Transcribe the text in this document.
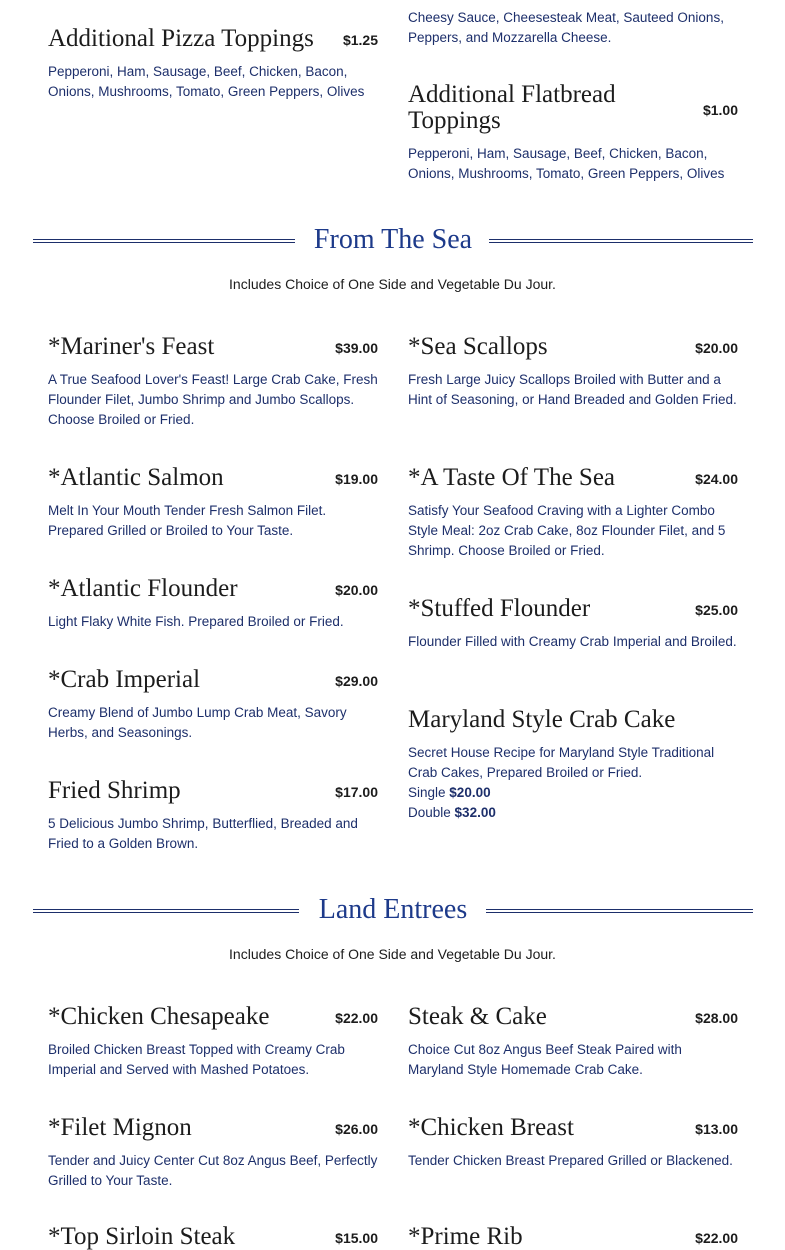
Additional Pizza Toppings $1.25
Pepperoni, Ham, Sausage, Beef, Chicken, Bacon, Onions, Mushrooms, Tomato, Green Peppers, Olives
Cheesy Sauce, Cheesesteak Meat, Sauteed Onions, Peppers, and Mozzarella Cheese.
Additional Flatbread Toppings	$1.00
Pepperoni, Ham, Sausage, Beef, Chicken, Bacon, Onions, Mushrooms, Tomato, Green Peppers, Olives
From The Sea
Includes Choice of One Side and Vegetable Du Jour.
*Mariner's Feast	$39.00
A True Seafood Lover's Feast! Large Crab Cake, Fresh Flounder Filet, Jumbo Shrimp and Jumbo Scallops. Choose Broiled or Fried.
*Sea Scallops	$20.00
Fresh Large Juicy Scallops Broiled with Butter and a Hint of Seasoning, or Hand Breaded and Golden Fried.
*Atlantic Salmon	$19.00
Melt In Your Mouth Tender Fresh Salmon Filet. Prepared Grilled or Broiled to Your Taste.
*A Taste Of The Sea	$24.00
Satisfy Your Seafood Craving with a Lighter Combo Style Meal: 2oz Crab Cake, 8oz Flounder Filet, and 5 Shrimp. Choose Broiled or Fried.
*Atlantic Flounder	$20.00
Light Flaky White Fish. Prepared Broiled or Fried.	*Stuffed Flounder	$25.00
Flounder Filled with Creamy Crab Imperial and Broiled.
*Crab Imperial	$29.00
Creamy Blend of Jumbo Lump Crab Meat, Savory Herbs, and Seasonings.	Maryland Style Crab Cake
Secret House Recipe for Maryland Style Traditional Crab Cakes, Prepared Broiled or Fried.
Single $20.00
Double $32.00
Fried Shrimp	$17.00
5 Delicious Jumbo Shrimp, Butterflied, Breaded and Fried to a Golden Brown.
Land Entrees
Includes Choice of One Side and Vegetable Du Jour.
*Chicken Chesapeake	$22.00
Broiled Chicken Breast Topped with Creamy Crab Imperial and Served with Mashed Potatoes.
Steak & Cake	$28.00
Choice Cut 8oz Angus Beef Steak Paired with Maryland Style Homemade Crab Cake.
*Filet Mignon	$26.00
Tender and Juicy Center Cut 8oz Angus Beef, Perfectly Grilled to Your Taste.
*Chicken Breast	$13.00
Tender Chicken Breast Prepared Grilled or Blackened.
*Top Sirloin Steak	$15.00 *Prime Rib	$22.00
